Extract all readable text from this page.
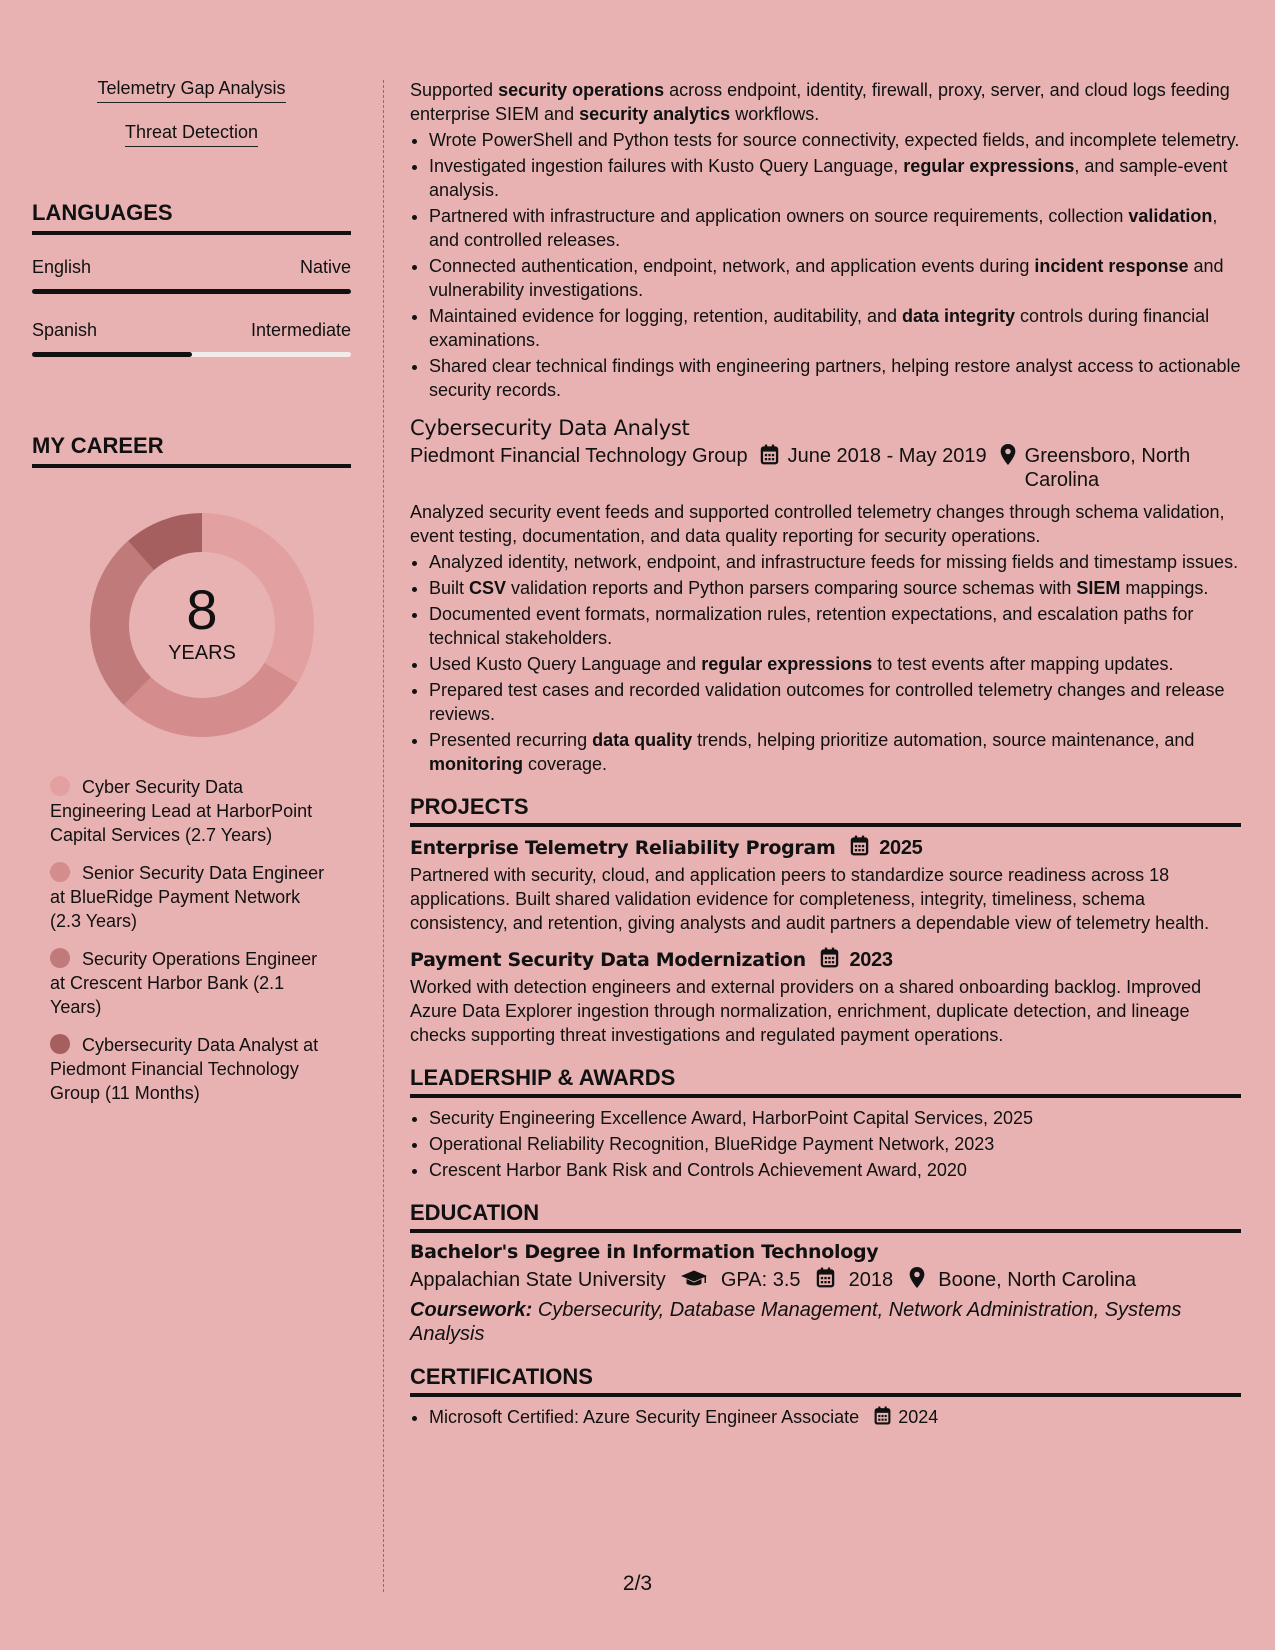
Telemetry Gap Analysis
Threat Detection
LANGUAGES
English	Native
Spanish	Intermediate
MY CAREER
8
YEARS
Cyber Security Data Engineering Lead at HarborPoint Capital Services (2.7 Years)
Senior Security Data Engineer at BlueRidge Payment Network (2.3 Years)
Security Operations Engineer at Crescent Harbor Bank (2.1 Years)
Cybersecurity Data Analyst at Piedmont Financial Technology Group (11 Months)

Supported security operations across endpoint, identity, firewall, proxy, server, and cloud logs feeding enterprise SIEM and security analytics workflows.

• Wrote PowerShell and Python tests for source connectivity, expected fields, and incomplete telemetry.
• Investigated ingestion failures with Kusto Query Language, regular expressions, and sample-event analysis.
• Partnered with infrastructure and application owners on source requirements, collection validation, and controlled releases.
• Connected authentication, endpoint, network, and application events during incident response and vulnerability investigations.
• Maintained evidence for logging, retention, auditability, and data integrity controls during financial examinations.
• Shared clear technical findings with engineering partners, helping restore analyst access to actionable security records.
Cybersecurity Data Analyst
Piedmont Financial Technology Group June 2018 - May 2019 Greensboro, North Carolina

Analyzed security event feeds and supported controlled telemetry changes through schema validation, event testing, documentation, and data quality reporting for security operations.

• Analyzed identity, network, endpoint, and infrastructure feeds for missing fields and timestamp issues.
• Built CSV validation reports and Python parsers comparing source schemas with SIEM mappings.
• Documented event formats, normalization rules, retention expectations, and escalation paths for technical stakeholders.
• Used Kusto Query Language and regular expressions to test events after mapping updates.
• Prepared test cases and recorded validation outcomes for controlled telemetry changes and release reviews.
• Presented recurring data quality trends, helping prioritize automation, source maintenance, and monitoring coverage.
PROJECTS
Enterprise Telemetry Reliability Program 2025

Partnered with security, cloud, and application peers to standardize source readiness across 18 applications. Built shared validation evidence for completeness, integrity, timeliness, schema consistency, and retention, giving analysts and audit partners a dependable view of telemetry health.

Payment Security Data Modernization 2023

Worked with detection engineers and external providers on a shared onboarding backlog. Improved Azure Data Explorer ingestion through normalization, enrichment, duplicate detection, and lineage checks supporting threat investigations and regulated payment operations.

LEADERSHIP & AWARDS
• Security Engineering Excellence Award, HarborPoint Capital Services, 2025
• Operational Reliability Recognition, BlueRidge Payment Network, 2023
• Crescent Harbor Bank Risk and Controls Achievement Award, 2020
EDUCATION
Bachelor's Degree in Information Technology
Appalachian State University	GPA: 3.5 2018 Boone, North Carolina
Coursework: Cybersecurity, Database Management, Network Administration, Systems Analysis
CERTIFICATIONS
• Microsoft Certified: Azure Security Engineer Associate 2024
2/3
